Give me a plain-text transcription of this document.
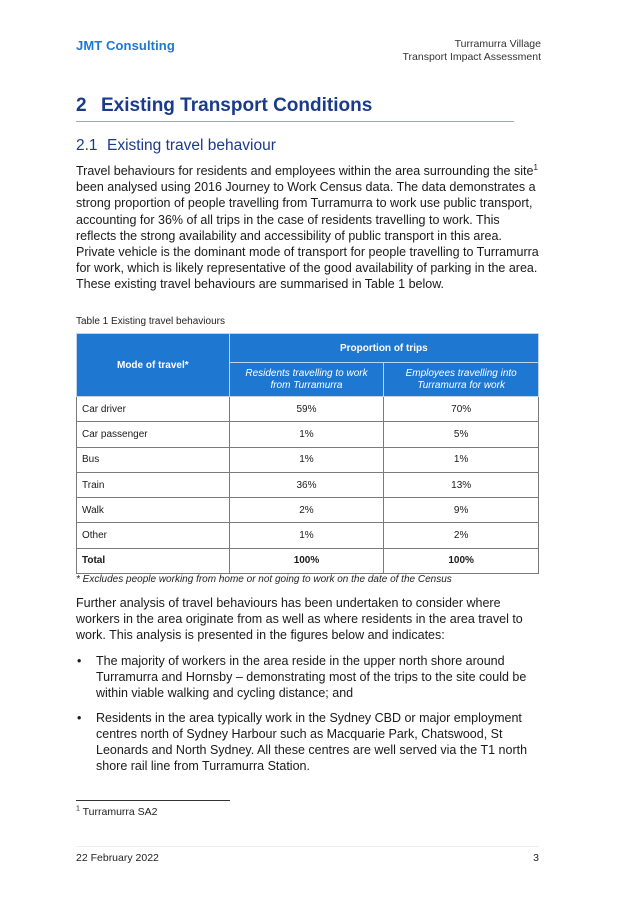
JMT Consulting	Turramurra Village
Transport Impact Assessment
2 Existing Transport Conditions
2.1 Existing travel behaviour
Travel behaviours for residents and employees within the area surrounding the site$^1$ been analysed using 2016 Journey to Work Census data. The data demonstrates a strong proportion of people travelling from Turramurra to work use public transport, accounting for 36% of all trips in the case of residents travelling to work. This reflects the strong availability and accessibility of public transport in this area. Private vehicle is the dominant mode of transport for people travelling to Turramurra for work, which is likely representative of the good availability of parking in the area. These existing travel behaviours are summarised in Table 1 below.
Table 1 Existing travel behaviours
Mode of travel*	Proportion of trips	
	Residents travelling to work from Turramurra	Employees travelling into Turramurra for work
Car driver	59%	70%
Car passenger	1%	5%
Bus	1%	1%
Train	36%	13%
Walk	2%	9%
Other	1%	2%
Total	100%	100%
* Excludes people working from home or not going to work on the date of the Census
Further analysis of travel behaviours has been undertaken to consider where workers in the area originate from as well as where residents in the area travel to work. This analysis is presented in the figures below and indicates:
• The majority of workers in the area reside in the upper north shore around Turramurra and Hornsby – demonstrating most of the trips to the site could be within viable walking and cycling distance; and
• Residents in the area typically work in the Sydney CBD or major employment centres north of Sydney Harbour such as Macquarie Park, Chatswood, St Leonards and North Sydney. All these centres are well served via the T1 north shore rail line from Turramurra Station.
$^1$ Turramurra SA2
22 February 2022	3
